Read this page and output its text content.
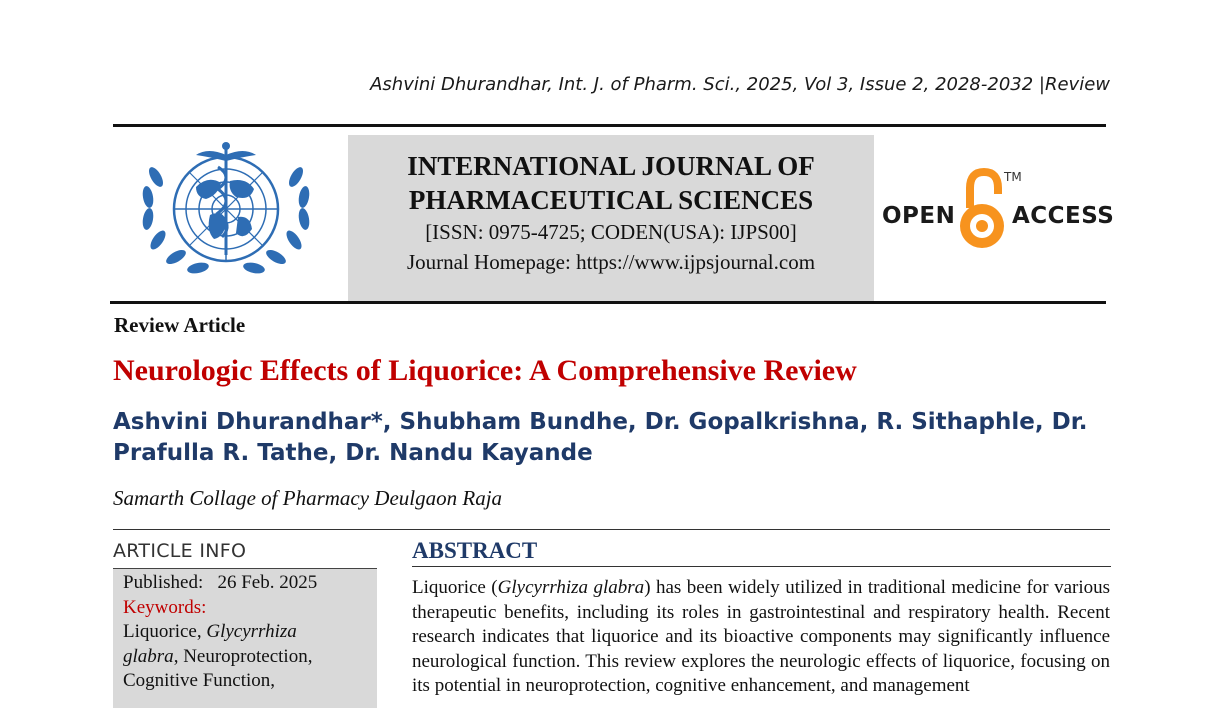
Ashvini Dhurandhar, Int. J. of Pharm. Sci., 2025, Vol 3, Issue 2, 2028-2032 |Review
INTERNATIONAL JOURNAL OF
PHARMACEUTICAL SCIENCES
[ISSN: 0975-4725; CODEN(USA): IJPS00]
Journal Homepage: https://www.ijpsjournal.com
OPEN
TM
ACCESS
Review Article
Neurologic Effects of Liquorice: A Comprehensive Review
Ashvini Dhurandhar*, Shubham Bundhe, Dr. Gopalkrishna, R. Sithaphle, Dr.
Prafulla R. Tathe, Dr. Nandu Kayande
Samarth Collage of Pharmacy Deulgaon Raja
ARTICLE INFO
Published: 26 Feb. 2025
Keywords:
Liquorice, Glycyrrhiza glabra, Neuroprotection, Cognitive Function,
ABSTRACT
Liquorice (Glycyrrhiza glabra) has been widely utilized in traditional medicine for various therapeutic benefits, including its roles in gastrointestinal and respiratory health. Recent research indicates that liquorice and its bioactive components may significantly influence neurological function. This review explores the neurologic effects of liquorice, focusing on its potential in neuroprotection, cognitive enhancement, and management
